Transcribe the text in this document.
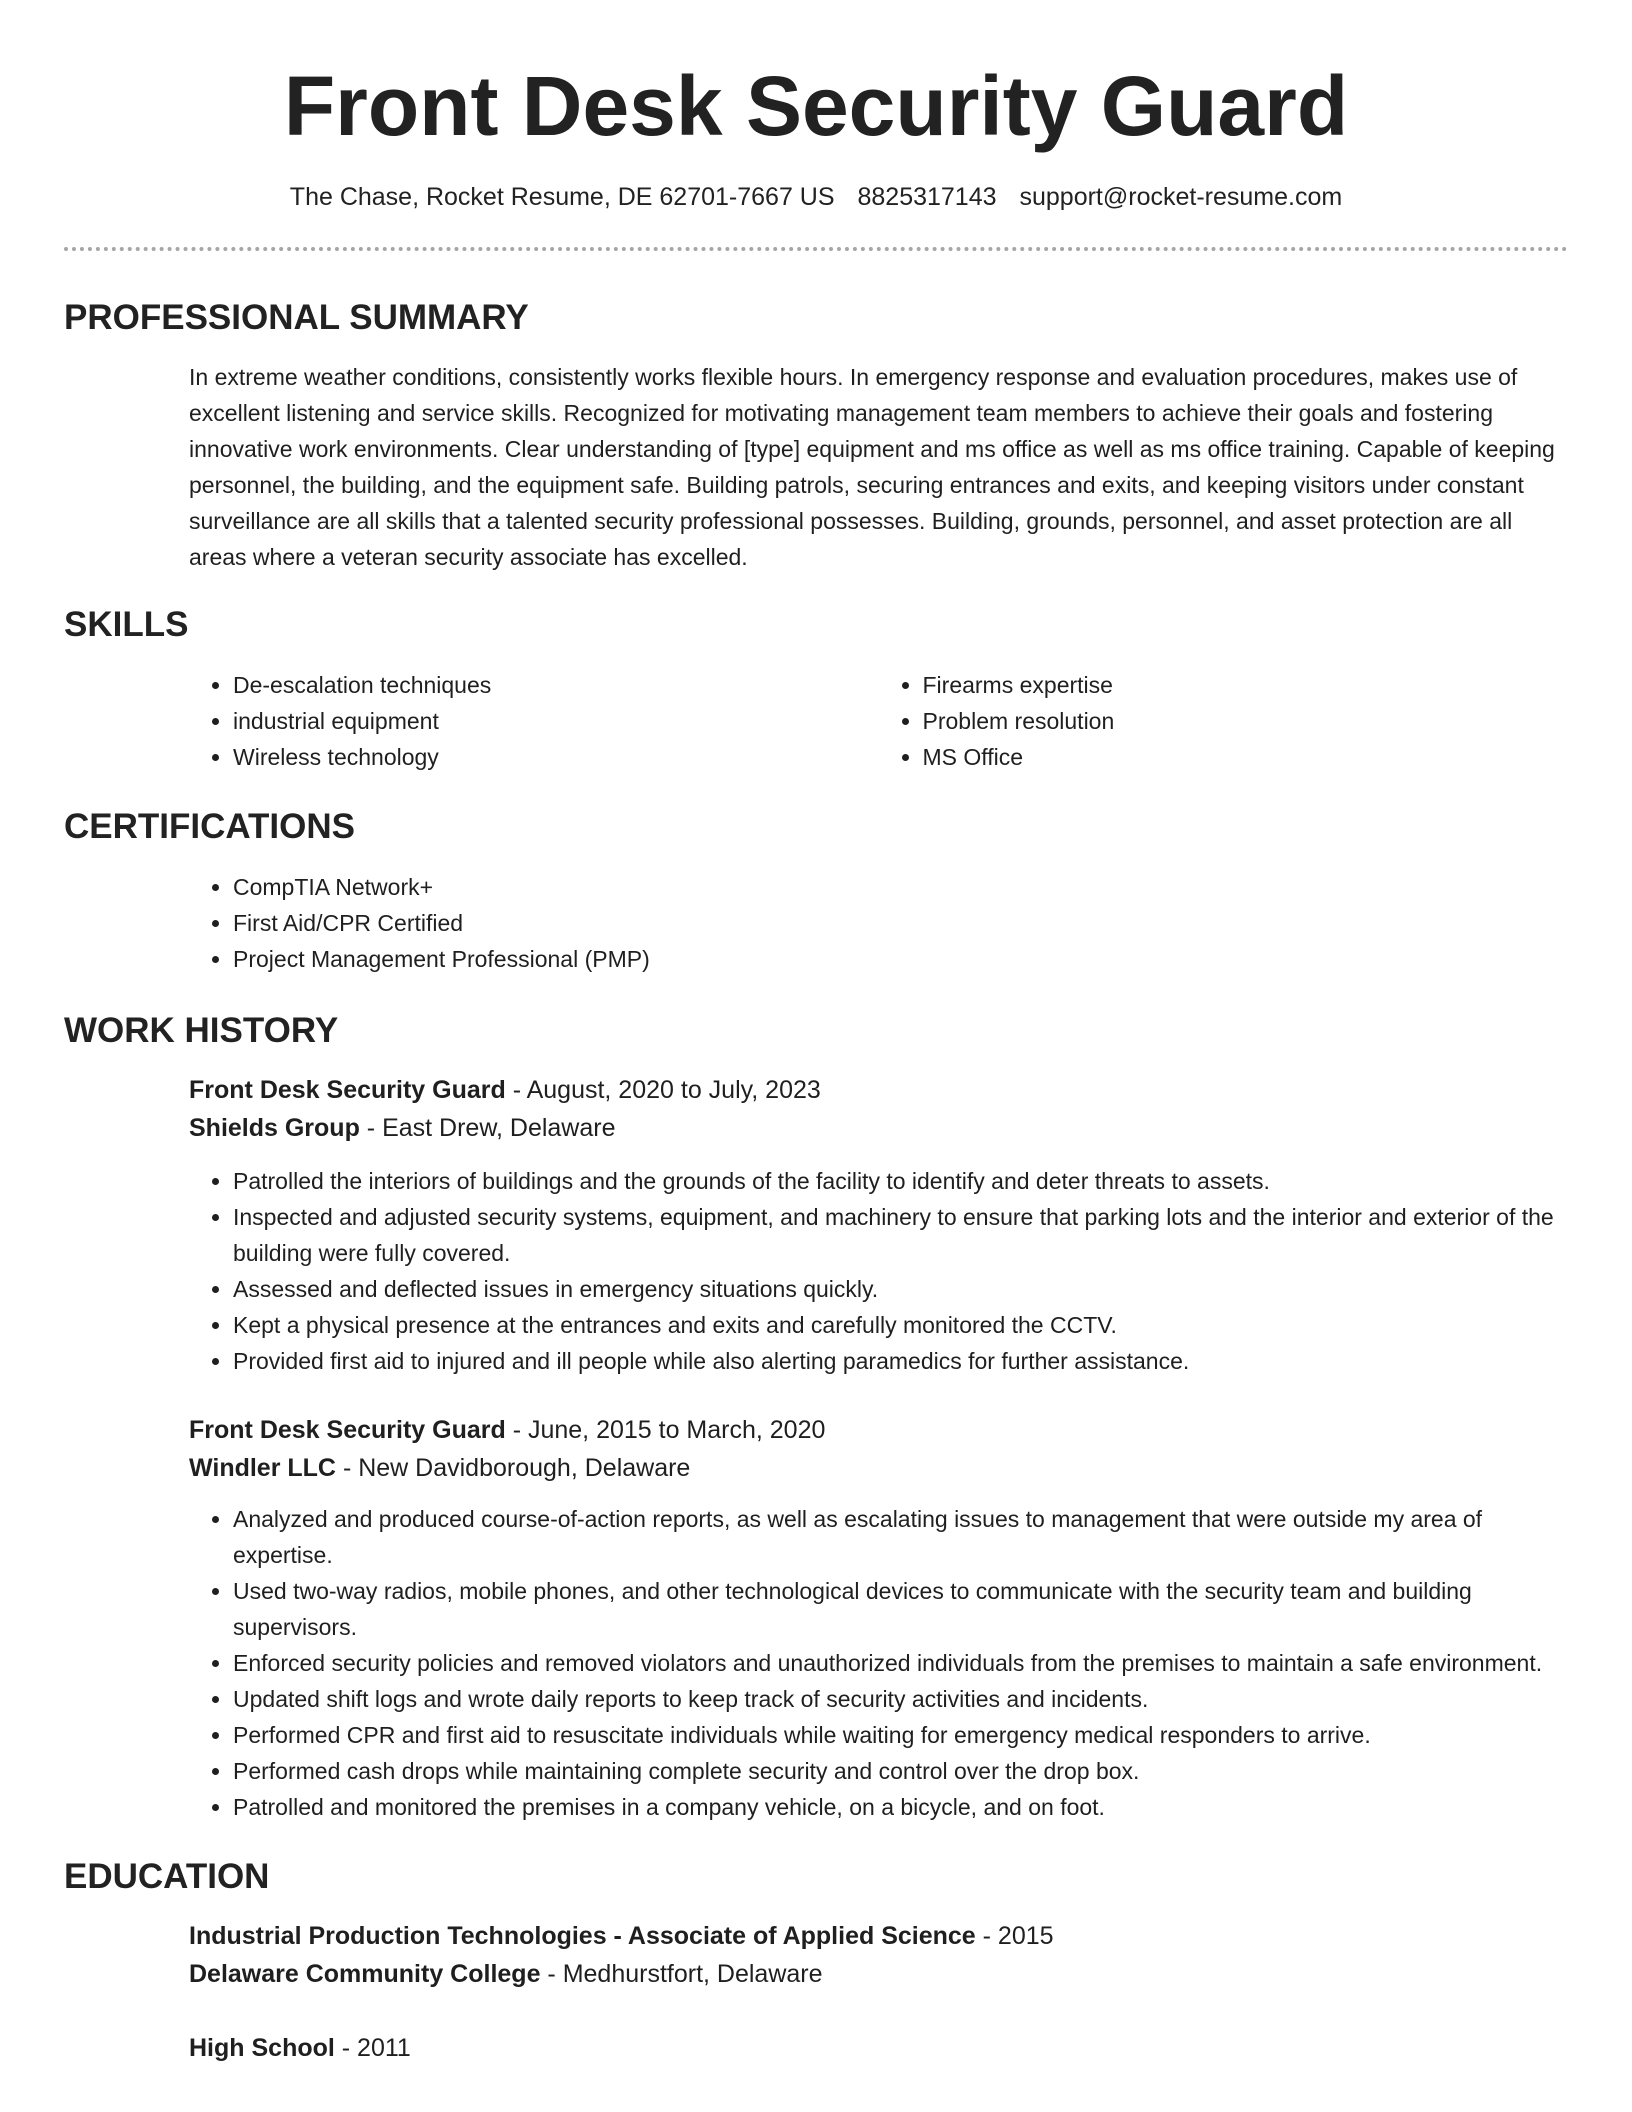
Front Desk Security Guard
The Chase, Rocket Resume, DE 62701-7667 US 8825317143 support@rocket-resume.com
PROFESSIONAL SUMMARY

In extreme weather conditions, consistently works flexible hours. In emergency response and evaluation procedures, makes use of excellent listening and service skills. Recognized for motivating management team members to achieve their goals and fostering innovative work environments. Clear understanding of [type] equipment and ms office as well as ms office training. Capable of keeping personnel, the building, and the equipment safe. Building patrols, securing entrances and exits, and keeping visitors under constant surveillance are all skills that a talented security professional possesses. Building, grounds, personnel, and asset protection are all areas where a veteran security associate has excelled.

SKILLS
• De-escalation techniques
• industrial equipment
• Wireless technology
• Firearms expertise
• Problem resolution
• MS Office
CERTIFICATIONS
• CompTIA Network+
• First Aid/CPR Certified
• Project Management Professional (PMP)
WORK HISTORY
Front Desk Security Guard - August, 2020 to July, 2023
Shields Group - East Drew, Delaware
• Patrolled the interiors of buildings and the grounds of the facility to identify and deter threats to assets.
• Inspected and adjusted security systems, equipment, and machinery to ensure that parking lots and the interior and exterior of the building were fully covered.
• Assessed and deflected issues in emergency situations quickly.
• Kept a physical presence at the entrances and exits and carefully monitored the CCTV.
• Provided first aid to injured and ill people while also alerting paramedics for further assistance.
Front Desk Security Guard - June, 2015 to March, 2020
Windler LLC - New Davidborough, Delaware
• Analyzed and produced course-of-action reports, as well as escalating issues to management that were outside my area of expertise.
• Used two-way radios, mobile phones, and other technological devices to communicate with the security team and building supervisors.
• Enforced security policies and removed violators and unauthorized individuals from the premises to maintain a safe environment.
• Updated shift logs and wrote daily reports to keep track of security activities and incidents.
• Performed CPR and first aid to resuscitate individuals while waiting for emergency medical responders to arrive.
• Performed cash drops while maintaining complete security and control over the drop box.
• Patrolled and monitored the premises in a company vehicle, on a bicycle, and on foot.
EDUCATION
Industrial Production Technologies - Associate of Applied Science - 2015
Delaware Community College - Medhurstfort, Delaware
High School - 2011
